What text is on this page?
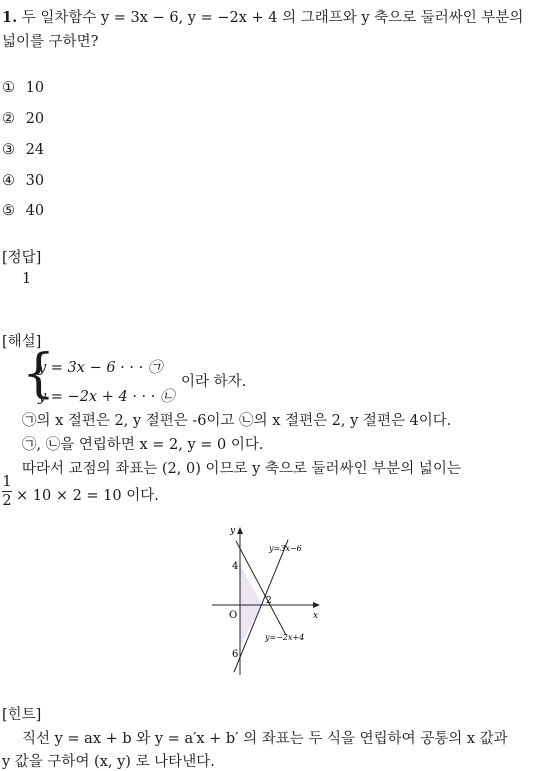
1. 두 일차함수 y = 3x − 6, y = −2x + 4 의 그래프와 y 축으로 둘러싸인 부분의
넓이를 구하면?
① 10
② 20
③ 24
④ 30
⑤ 40
[정답]
1
[해설]
{
y = 3x − 6 · · · ㉠
y = −2x + 4 · · · ㉡
이라 하자.
㉠의 x 절편은 2, y 절편은 -6이고 ㉡의 x 절편은 2, y 절편은 4이다.
㉠, ㉡을 연립하면 x = 2, y = 0 이다.
따라서 교점의 좌표는 (2, 0) 이므로 y 축으로 둘러싸인 부분의 넓이는
1
2 × 10 × 2 = 10 이다.
y
x
O
4
6
2
y=3x−6
y=−2x+4
[힌트]
직선 y = ax + b 와 y = a′x + b′ 의 좌표는 두 식을 연립하여 공통의 x 값과
y 값을 구하여 (x, y) 로 나타낸다.
